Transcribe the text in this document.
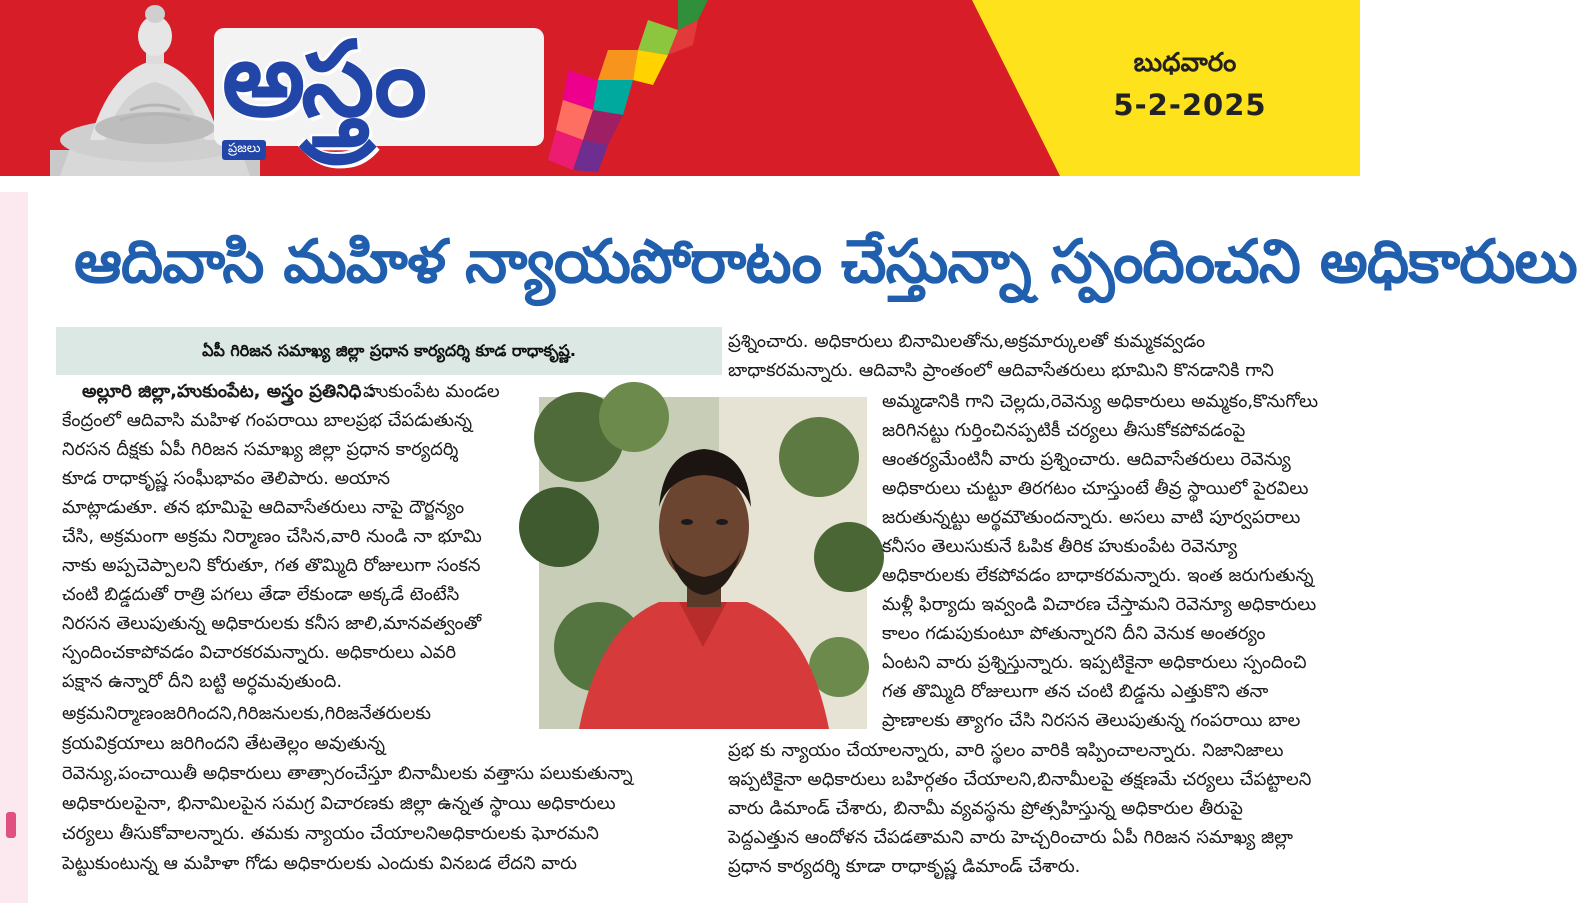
అస్త్రం
ప్రజలు
బుధవారం
5-2-2025
ఆదివాసి మహిళ న్యాయపోరాటం చేస్తున్నా స్పందించని అధికారులు
ఏపీ గిరిజన సమాఖ్య జిల్లా ప్రధాన కార్యదర్శి కూడ రాధాకృష్ణ.
అల్లూరి జిల్లా,హుకుంపేట, అస్త్రం ప్రతినిధి :
హుకుంపేట మండల
కేంద్రంలో ఆదివాసి మహిళ గంపరాయి బాలప్రభ చేపడుతున్న
నిరసన దీక్షకు ఏపీ గిరిజన సమాఖ్య జిల్లా ప్రధాన కార్యదర్శి
కూడ రాధాకృష్ణ సంఘీభావం తెలిపారు. అయాన
మాట్లాడుతూ. తన భూమిపై ఆదివాసేతరులు నాపై దౌర్జన్యం
చేసి, అక్రమంగా అక్రమ నిర్మాణం చేసిన,వారి నుండి నా భూమి
నాకు అప్పచెప్పాలని కోరుతూ, గత తొమ్మిది రోజులుగా సంకన
చంటి బిడ్డదుతో రాత్రి పగలు తేడా లేకుండా అక్కడే టెంటేసి
నిరసన తెలుపుతున్న అధికారులకు కనీస జాలి,మానవత్వంతో
స్పందించకాపోవడం విచారకరమన్నారు. అధికారులు ఎవరి
పక్షాన ఉన్నారో దీని బట్టి అర్ధమవుతుంది.
అక్రమనిర్మాణంజరిగిందని,గిరిజనులకు,గిరిజనేతరులకు
క్రయవిక్రయాలు జరిగిందని తేటతెల్లం అవుతున్న
రెవెన్యు,పంచాయితీ అధికారులు తాత్సారంచేస్తూ బినామీలకు వత్తాసు పలుకుతున్నా
అధికారులపైనా, భినామిలపైన సమగ్ర విచారణకు జిల్లా ఉన్నత స్థాయి అధికారులు
చర్యలు తీసుకోవాలన్నారు. తమకు న్యాయం చేయాలనిఅధికారులకు ఘోరమని
పెట్టుకుంటున్న ఆ మహిళా గోడు అధికారులకు ఎందుకు వినబడ లేదని వారు
ప్రశ్నించారు. అధికారులు బినామిలతోను,అక్రమార్కులతో కుమ్మకవ్వడం
బాధాకరమన్నారు. ఆదివాసి ప్రాంతంలో ఆదివాసేతరులు భూమిని కొనడానికి గాని
అమ్మడానికి గాని చెల్లదు,రెవెన్యు అధికారులు అమ్మకం,కొనుగోలు
జరిగినట్టు గుర్తించినప్పటికీ చర్యలు తీసుకోకపోవడంపై
ఆంతర్యమేంటినీ వారు ప్రశ్నించారు. ఆదివాసేతరులు రెవెన్యు
అధికారులు చుట్టూ తిరగటం చూస్తుంటే తీవ్ర స్థాయిలో పైరవిలు
జరుతున్నట్టు అర్థమౌతుందన్నారు. అసలు వాటి పూర్వపరాలు
కనీసం తెలుసుకునే ఓపిక తీరిక హుకుంపేట రెవెన్యూ
అధికారులకు లేకపోవడం బాధాకరమన్నారు. ఇంత జరుగుతున్న
మళ్లీ ఫిర్యాదు ఇవ్వండి విచారణ చేస్తామని రెవెన్యూ అధికారులు
కాలం గడుపుకుంటూ పోతున్నారని దీని వెనుక అంతర్యం
ఏంటని వారు ప్రశ్నిస్తున్నారు. ఇప్పటికైనా అధికారులు స్పందించి
గత తొమ్మిది రోజులుగా తన చంటి బిడ్డను ఎత్తుకొని తనా
ప్రాణాలకు త్యాగం చేసి నిరసన తెలుపుతున్న గంపరాయి బాల
ప్రభ కు న్యాయం చేయాలన్నారు, వారి స్థలం వారికి ఇప్పించాలన్నారు. నిజానిజాలు
ఇప్పటికైనా అధికారులు బహిర్గతం చేయాలని,బినామీలపై తక్షణమే చర్యలు చేపట్టాలని
వారు డిమాండ్ చేశారు, బినామీ వ్యవస్థను ప్రోత్సహిస్తున్న అధికారుల తీరుపై
పెద్దఎత్తున ఆందోళన చేపడతామని వారు హెచ్చరించారు ఏపీ గిరిజన సమాఖ్య జిల్లా
ప్రధాన కార్యదర్శి కూడా రాధాకృష్ణ డిమాండ్ చేశారు.
